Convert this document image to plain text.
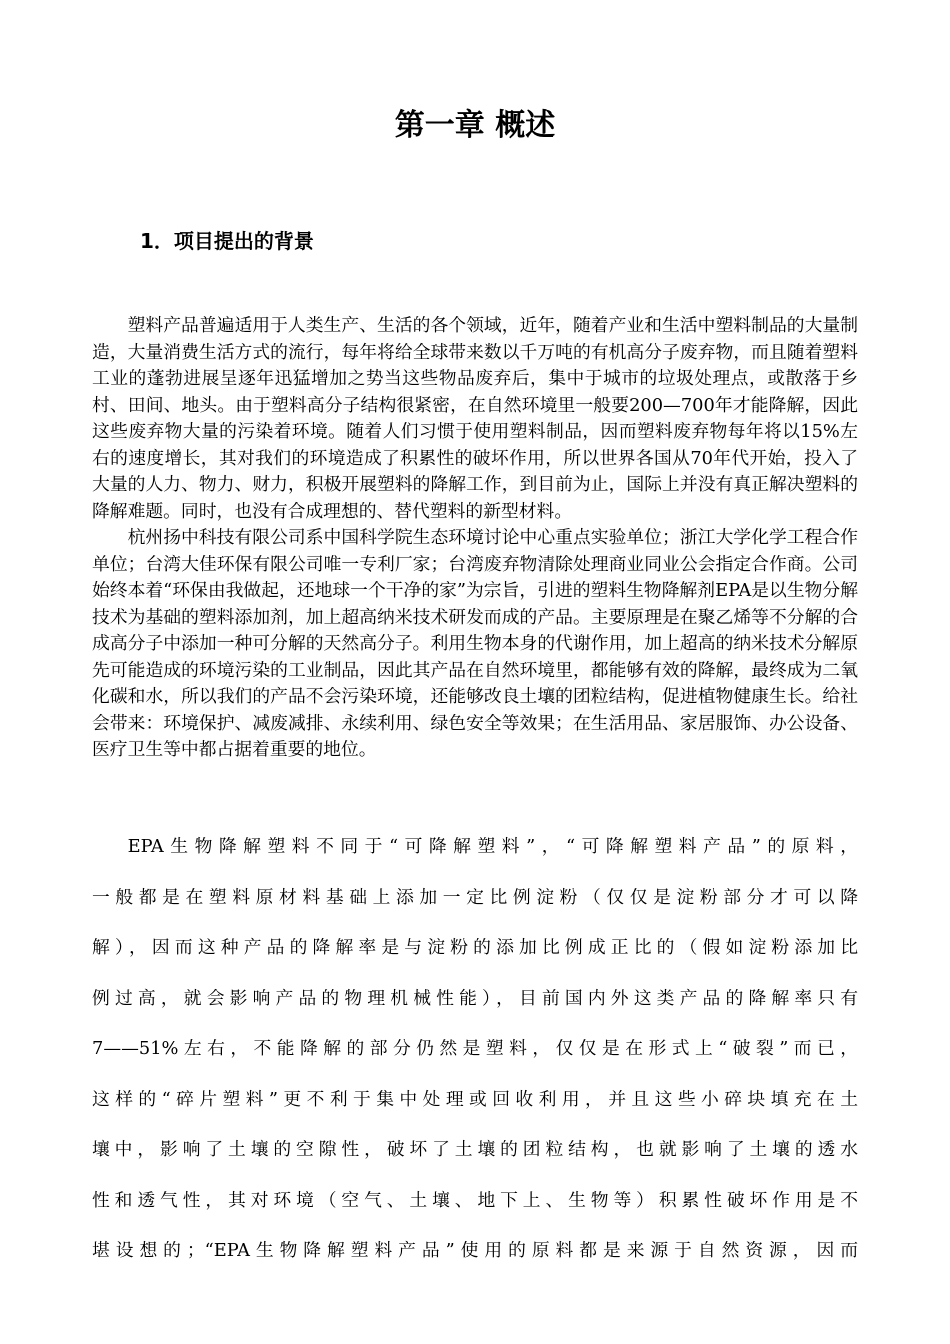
第一章 概述
1．项目提出的背景

塑料产品普遍适用于人类生产、生活的各个领域，近年，随着产业和生活中塑料制品的大量制造，大量消费生活方式的流行，每年将给全球带来数以千万吨的有机高分子废弃物，而且随着塑料工业的蓬勃进展呈逐年迅猛增加之势当这些物品废弃后，集中于城市的垃圾处理点，或散落于乡村、田间、地头。由于塑料高分子结构很紧密，在自然环境里一般要200—700年才能降解，因此这些废弃物大量的污染着环境。随着人们习惯于使用塑料制品，因而塑料废弃物每年将以15%左右的速度增长，其对我们的环境造成了积累性的破坏作用，所以世界各国从70年代开始，投入了大量的人力、物力、财力，积极开展塑料的降解工作，到目前为止，国际上并没有真正解决塑料的降解难题。同时，也没有合成理想的、替代塑料的新型材料。

杭州扬中科技有限公司系中国科学院生态环境讨论中心重点实验单位；浙江大学化学工程合作单位；台湾大佳环保有限公司唯一专利厂家；台湾废弃物清除处理商业同业公会指定合作商。公司始终本着“环保由我做起，还地球一个干净的家”为宗旨，引进的塑料生物降解剂EPA是以生物分解技术为基础的塑料添加剂，加上超高纳米技术研发而成的产品。主要原理是在聚乙烯等不分解的合成高分子中添加一种可分解的天然高分子。利用生物本身的代谢作用，加上超高的纳米技术分解原先可能造成的环境污染的工业制品，因此其产品在自然环境里，都能够有效的降解，最终成为二氧化碳和水，所以我们的产品不会污染环境，还能够改良土壤的团粒结构，促进植物健康生长。给社会带来：环境保护、减废减排、永续利用、绿色安全等效果；在生活用品、家居服饰、办公设备、医疗卫生等中都占据着重要的地位。

EPA生物降解塑料不同于“可降解塑料”，“可降解塑料产品”的原料，
一般都是在塑料原材料基础上添加一定比例淀粉（仅仅是淀粉部分才可以降
解），因而这种产品的降解率是与淀粉的添加比例成正比的（假如淀粉添加比
例过高，就会影响产品的物理机械性能），目前国内外这类产品的降解率只有
7——51%左右，不能降解的部分仍然是塑料，仅仅是在形式上“破裂”而已，
这样的“碎片塑料”更不利于集中处理或回收利用，并且这些小碎块填充在土
壤中，影响了土壤的空隙性，破坏了土壤的团粒结构，也就影响了土壤的透水
性和透气性，其对环境（空气、土壤、地下上、生物等）积累性破坏作用是不
堪设想的；“EPA生物降解塑料产品”使用的原料都是来源于自然资源，因而
